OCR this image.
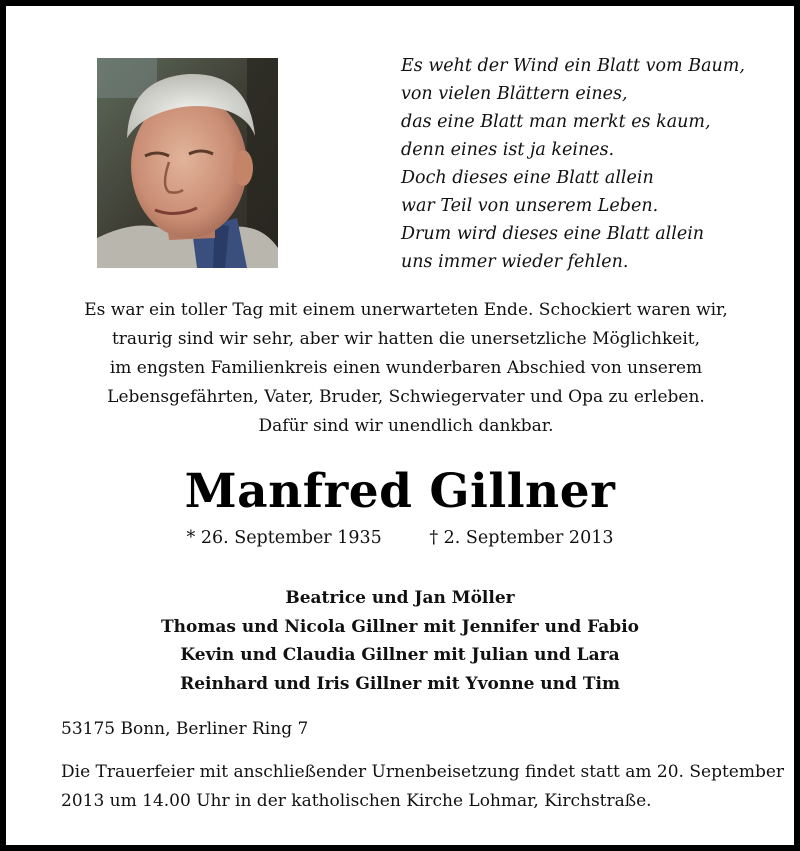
Es weht der Wind ein Blatt vom Baum,
von vielen Blättern eines,
das eine Blatt man merkt es kaum,
denn eines ist ja keines.
Doch dieses eine Blatt allein
war Teil von unserem Leben.
Drum wird dieses eine Blatt allein
uns immer wieder fehlen.
Es war ein toller Tag mit einem unerwarteten Ende. Schockiert waren wir,
traurig sind wir sehr, aber wir hatten die unersetzliche Möglichkeit,
im engsten Familienkreis einen wunderbaren Abschied von unserem
Lebensgefährten, Vater, Bruder, Schwiegervater und Opa zu erleben.
Dafür sind wir unendlich dankbar.
Manfred Gillner
* 26. September 1935	† 2. September 2013
Beatrice und Jan Möller
Thomas und Nicola Gillner mit Jennifer und Fabio
Kevin und Claudia Gillner mit Julian und Lara
Reinhard und Iris Gillner mit Yvonne und Tim
53175 Bonn, Berliner Ring 7
Die Trauerfeier mit anschließender Urnenbeisetzung findet statt am 20. September
2013 um 14.00 Uhr in der katholischen Kirche Lohmar, Kirchstraße.
